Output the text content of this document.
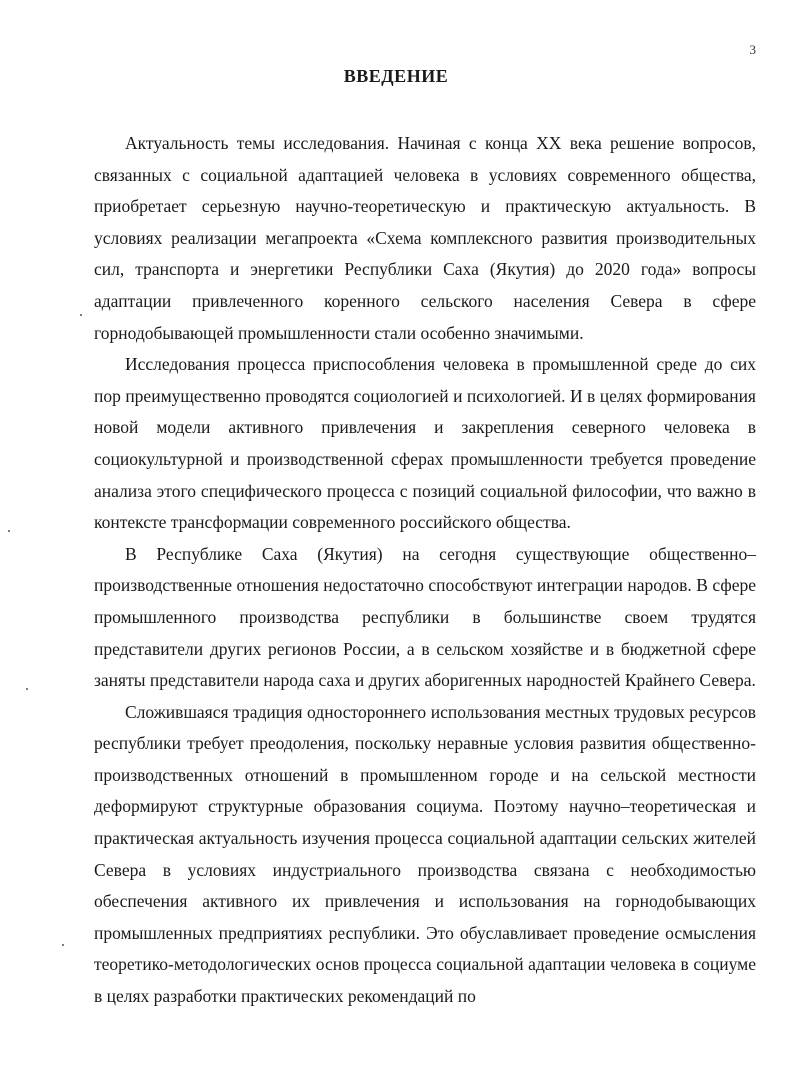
3
ВВЕДЕНИЕ

Актуальность темы исследования. Начиная с конца XX века решение вопросов, связанных с социальной адаптацией человека в условиях современного общества, приобретает серьезную научно-теоретическую и практическую актуальность. В условиях реализации мегапроекта «Схема комплексного развития производительных сил, транспорта и энергетики Республики Саха (Якутия) до 2020 года» вопросы адаптации привлеченного коренного сельского населения Севера в сфере горнодобывающей промышленности стали особенно значимыми.

Исследования процесса приспособления человека в промышленной среде до сих пор преимущественно проводятся социологией и психологией. И в целях формирования новой модели активного привлечения и закрепления северного человека в социокультурной и производственной сферах промышленности требуется проведение анализа этого специфического процесса с позиций социальной философии, что важно в контексте трансформации современного российского общества.

В Республике Саха (Якутия) на сегодня существующие общественно–производственные отношения недостаточно способствуют интеграции народов. В сфере промышленного производства республики в большинстве своем трудятся представители других регионов России, а в сельском хозяйстве и в бюджетной сфере заняты представители народа саха и других аборигенных народностей Крайнего Севера.

Сложившаяся традиция одностороннего использования местных трудовых ресурсов республики требует преодоления, поскольку неравные условия развития общественно-производственных отношений в промышленном городе и на сельской местности деформируют структурные образования социума. Поэтому научно–теоретическая и практическая актуальность изучения процесса социальной адаптации сельских жителей Севера в условиях индустриального производства связана с необходимостью обеспечения активного их привлечения и использования на горнодобывающих промышленных предприятиях республики. Это обуславливает проведение осмысления теоретико-методологических основ процесса социальной адаптации человека в социуме в целях разработки практических рекомендаций по
